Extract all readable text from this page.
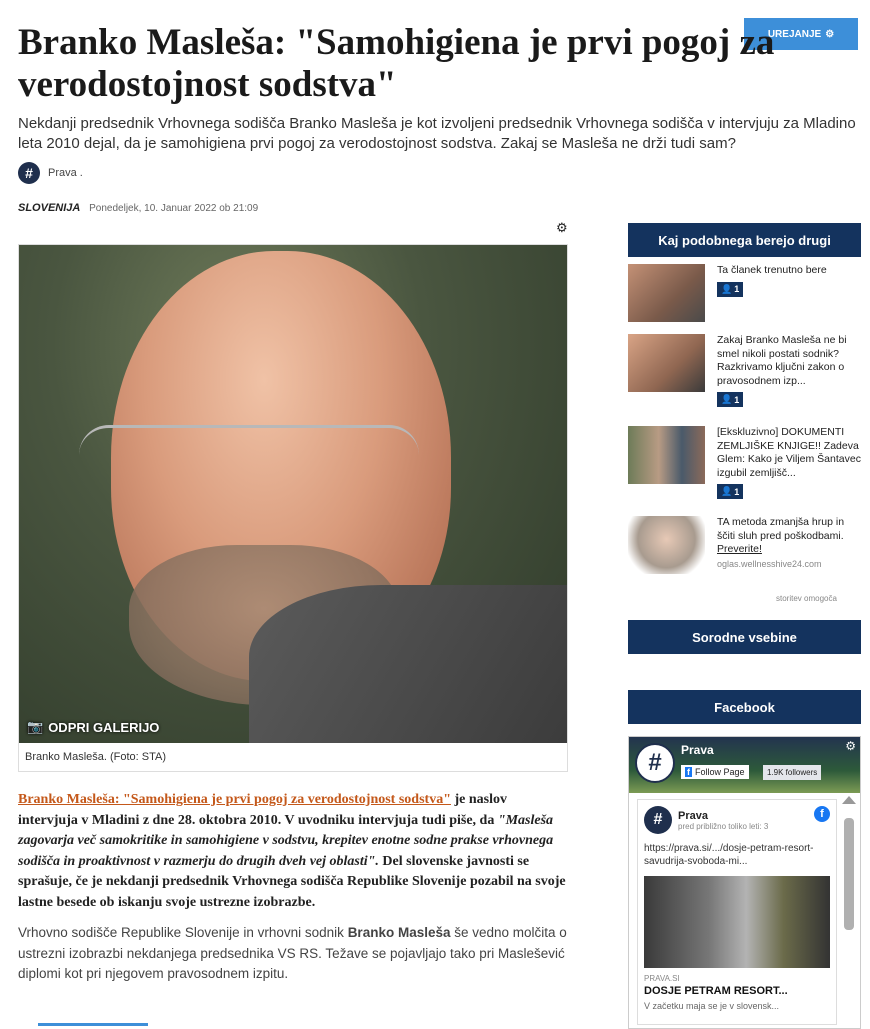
UREJANJE ⚙
Branko Masleša: "Samohigiena je prvi pogoj za verodostojnost sodstva"

Nekdanji predsednik Vrhovnega sodišča Branko Masleša je kot izvoljeni predsednik Vrhovnega sodišča v intervjuju za Mladino leta 2010 dejal, da je samohigiena prvi pogoj za verodostojnost sodstva. Zakaj se Masleša ne drži tudi sam?

#	Prava .
SLOVENIJA Ponedeljek, 10. Januar 2022 ob 21:09
⚙
📷 ODPRI GALERIJO
Branko Masleša. (Foto: STA)

Branko Masleša: "Samohigiena je prvi pogoj za verodostojnost sodstva" je naslov intervjuja v Mladini z dne 28. oktobra 2010. V uvodniku intervjuja tudi piše, da "Masleša zagovarja več samokritike in samohigiene v sodstvu, krepitev enotne sodne prakse vrhovnega sodišča in proaktivnost v razmerju do drugih dveh vej oblasti". Del slovenske javnosti se sprašuje, če je nekdanji predsednik Vrhovnega sodišča Republike Slovenije pozabil na svoje lastne besede ob iskanju svoje ustrezne izobrazbe.

Vrhovno sodišče Republike Slovenije in vrhovni sodnik Branko Masleša še vedno molčita o ustrezni izobrazbi nekdanjega predsednika VS RS. Težave se pojavljajo tako pri Maslešević diplomi kot pri njegovem pravosodnem izpitu.

Kaj podobnega berejo drugi
Ta članek trenutno bere
👤 1
Zakaj Branko Masleša ne bi smel nikoli postati sodnik? Razkrivamo ključni zakon o pravosodnem izp...
👤 1
[Ekskluzivno] DOKUMENTI ZEMLJIŠKE KNJIGE!! Zadeva Glem: Kako je Viljem Šantavec izgubil zemljišč...
👤 1
TA metoda zmanjša hrup in ščiti sluh pred poškodbami. Preverite!
oglas.wellnesshive24.com
storitev omogoča
Sorodne vsebine
Facebook
#	Prava
f Follow Page	1.9K followers
⚙
#	Prava
pred približno toliko leti: 3
f
https://prava.si/.../dosje-petram-resort-savudrija-svoboda-mi...
PRAVA.SI
DOSJE PETRAM RESORT...
V začetku maja se je v slovensk...
